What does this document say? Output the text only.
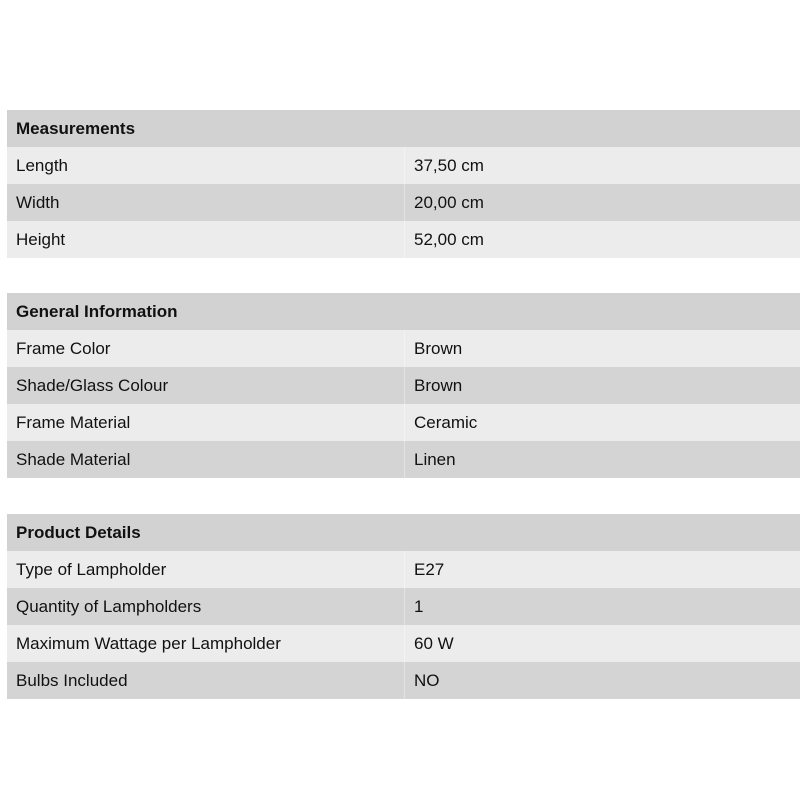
Measurements
Length	37,50 cm
Width	20,00 cm
Height	52,00 cm
General Information
Frame Color	Brown
Shade/Glass Colour	Brown
Frame Material	Ceramic
Shade Material	Linen
Product Details
Type of Lampholder	E27
Quantity of Lampholders	1
Maximum Wattage per Lampholder	60 W
Bulbs Included	NO
